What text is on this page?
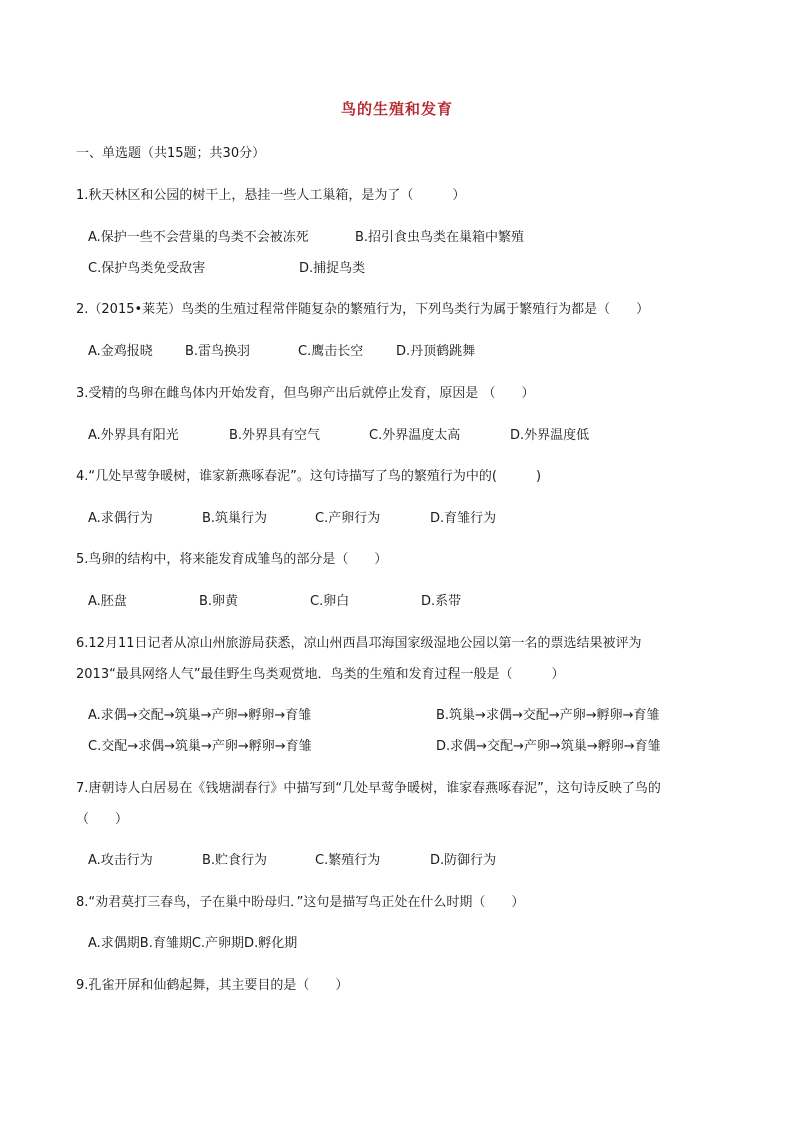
鸟的生殖和发育
一、单选题（共15题；共30分）
1.秋天林区和公园的树干上，悬挂一些人工巢箱，是为了（　　　）
A.保护一些不会营巢的鸟类不会被冻死	B.招引食虫鸟类在巢箱中繁殖
C.保护鸟类免受敌害	D.捕捉鸟类
2.（2015•莱芜）鸟类的生殖过程常伴随复杂的繁殖行为，下列鸟类行为属于繁殖行为都是（　　）
A.金鸡报晓 B.雷鸟换羽	C.鹰击长空	D.丹顶鹤跳舞
3.受精的鸟卵在雌鸟体内开始发育，但鸟卵产出后就停止发育，原因是 （　　）
A.外界具有阳光	B.外界具有空气	C.外界温度太高	D.外界温度低
4.“几处早莺争暖树，谁家新燕啄春泥”。这句诗描写了鸟的繁殖行为中的(　　　)
A.求偶行为	B.筑巢行为	C.产卵行为	D.育雏行为
5.鸟卵的结构中，将来能发育成雏鸟的部分是（　　）
A.胚盘	B.卵黄	C.卵白	D.系带
6.12月11日记者从凉山州旅游局获悉，凉山州西昌邛海国家级湿地公园以第一名的票选结果被评为
2013“最具网络人气”最佳野生鸟类观赏地．鸟类的生殖和发育过程一般是（　　　）
A.求偶→交配→筑巢→产卵→孵卵→育雏	B.筑巢→求偶→交配→产卵→孵卵→育雏
C.交配→求偶→筑巢→产卵→孵卵→育雏	D.求偶→交配→产卵→筑巢→孵卵→育雏
7.唐朝诗人白居易在《钱塘湖春行》中描写到“几处早莺争暖树，谁家春燕啄春泥”，这句诗反映了鸟的
（　　）
A.攻击行为	B.贮食行为	C.繁殖行为	D.防御行为
8.“劝君莫打三春鸟，子在巢中盼母归．”这句是描写鸟正处在什么时期（　　）
A.求偶期B.育雏期C.产卵期D.孵化期
9.孔雀开屏和仙鹤起舞，其主要目的是（　　）
